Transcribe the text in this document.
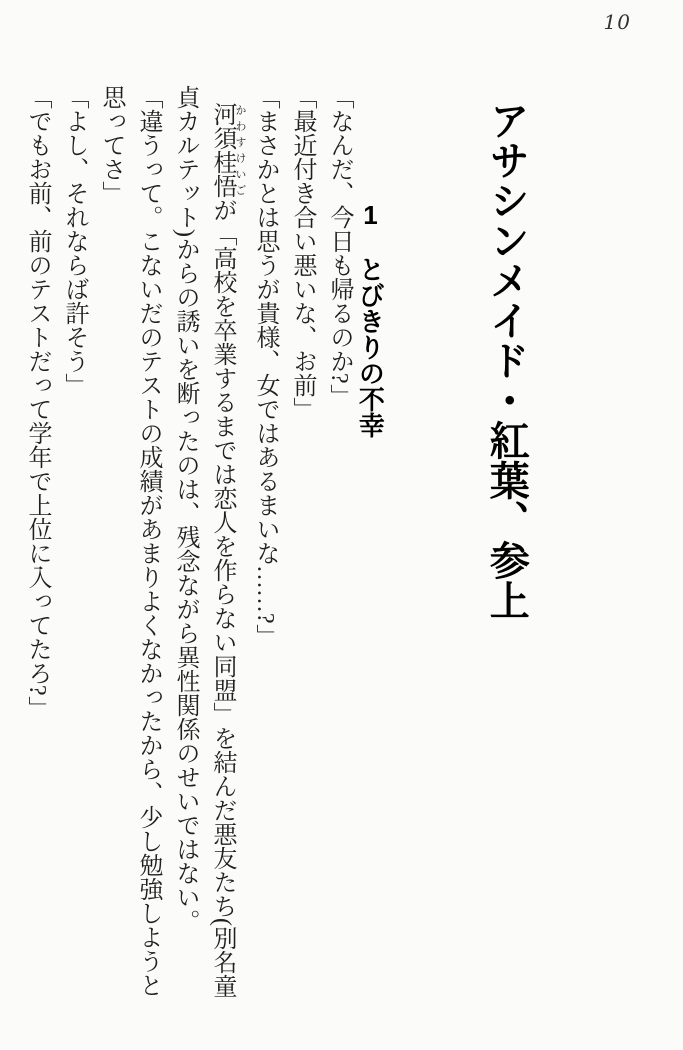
10
アサシンメイド・紅葉、参上
1とびきりの不幸

「なんだ、今日も帰るのか?」

「最近付き合い悪いな、お前」

「まさかとは思うが貴様、女ではあるまいな……?」

河須 かわす桂悟 けいごが「高校を卒業するまでは恋人を作らない同盟」を結んだ悪友たち(別名童貞カルテット)からの誘いを断ったのは、残念ながら異性関係のせいではない。

「違うって。こないだのテストの成績があまりよくなかったから、少し勉強しようと思ってさ」

「よし、それならば許そう」

「でもお前、前のテストだって学年で上位に入ってたろ?」
